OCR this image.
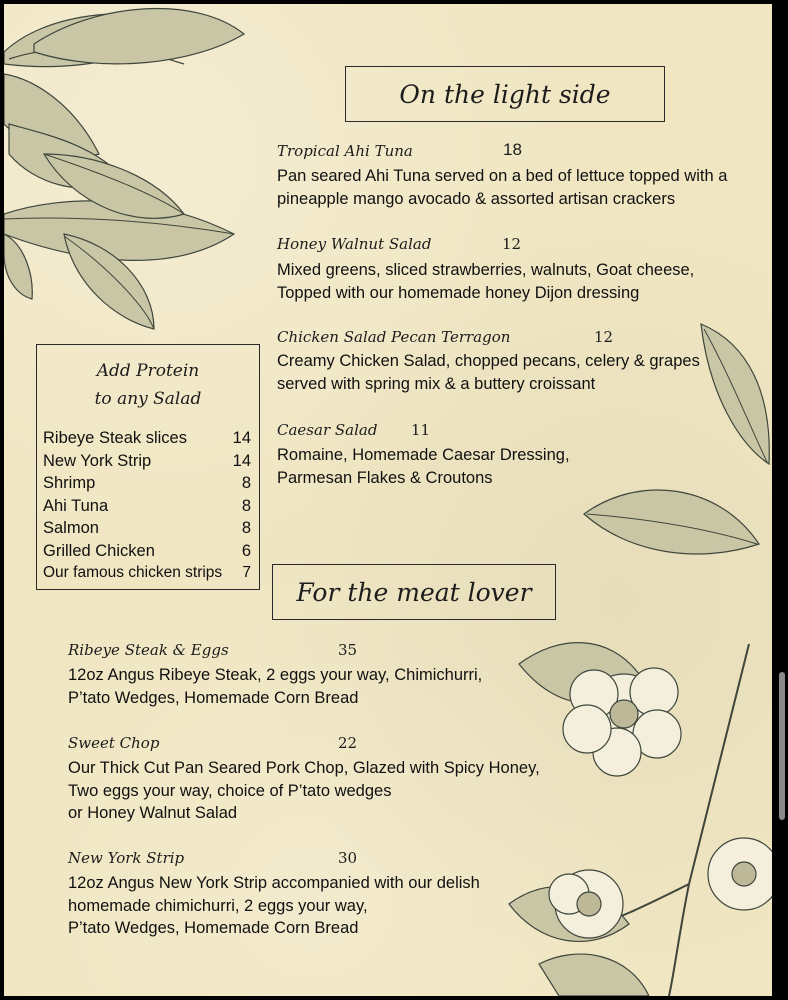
On the light side
Tropical Ahi Tuna	18
Pan seared Ahi Tuna served on a bed of lettuce topped with a
pineapple mango avocado & assorted artisan crackers
Honey Walnut Salad	12
Mixed greens, sliced strawberries, walnuts, Goat cheese,
Topped with our homemade honey Dijon dressing
Chicken Salad Pecan Terragon	12
Creamy Chicken Salad, chopped pecans, celery & grapes
served with spring mix & a buttery croissant
Caesar Salad 11
Romaine, Homemade Caesar Dressing,
Parmesan Flakes & Croutons
Add Protein
to any Salad
Ribeye Steak slices	14
New York Strip	14
Shrimp	8
Ahi Tuna	8
Salmon	8
Grilled Chicken	6
Our famous chicken strips 7
For the meat lover
Ribeye Steak & Eggs	35
12oz Angus Ribeye Steak, 2 eggs your way, Chimichurri,
P’tato Wedges, Homemade Corn Bread
Sweet Chop	22
Our Thick Cut Pan Seared Pork Chop, Glazed with Spicy Honey,
Two eggs your way, choice of P’tato wedges
or Honey Walnut Salad
New York Strip	30
12oz Angus New York Strip accompanied with our delish
homemade chimichurri, 2 eggs your way,
P’tato Wedges, Homemade Corn Bread
